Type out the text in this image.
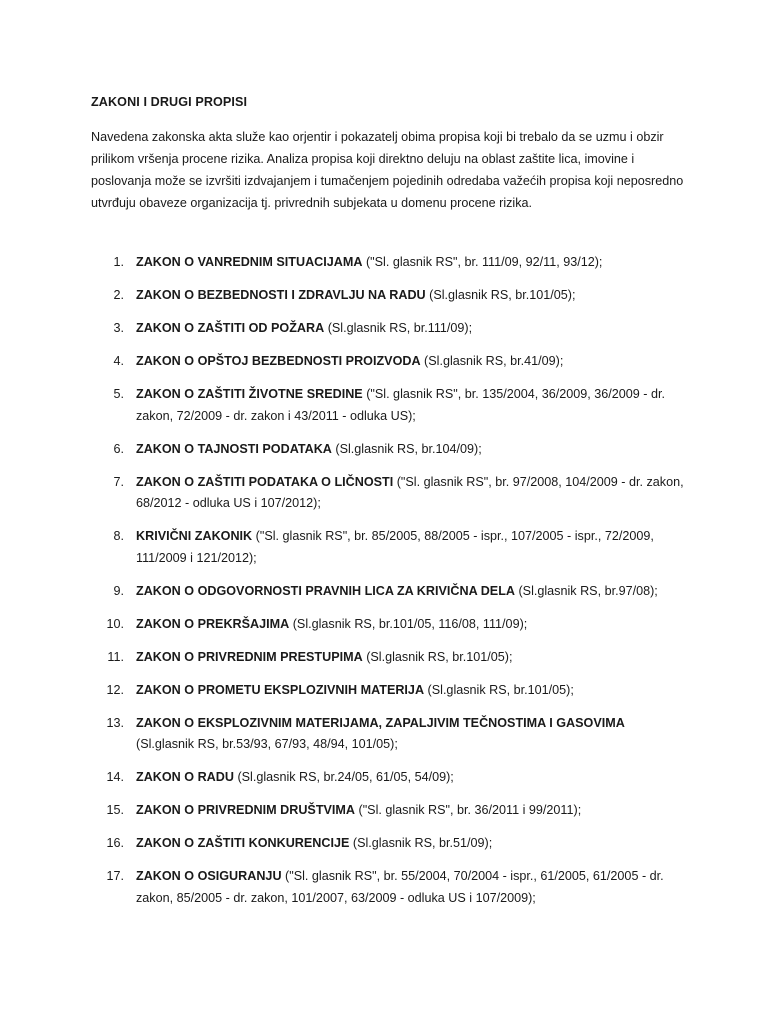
ZAKONI I DRUGI PROPISI
Navedena zakonska akta služe kao orjentir i pokazatelj obima propisa koji bi trebalo da se uzmu i obzir prilikom vršenja procene rizika. Analiza propisa koji direktno deluju na oblast zaštite lica, imovine i poslovanja može se izvršiti izdvajanjem i tumačenjem pojedinih odredaba važećih propisa koji neposredno utvrđuju obaveze organizacija tj. privrednih subjekata u domenu procene rizika.
1. ZAKON O VANREDNIM SITUACIJAMA ("Sl. glasnik RS", br. 111/09, 92/11, 93/12);
2. ZAKON O BEZBEDNOSTI I ZDRAVLJU NA RADU (Sl.glasnik RS, br.101/05);
3. ZAKON O ZAŠTITI OD POŽARA (Sl.glasnik RS, br.111/09);
4. ZAKON O OPŠTOJ BEZBEDNOSTI PROIZVODA (Sl.glasnik RS, br.41/09);
5. ZAKON O ZAŠTITI ŽIVOTNE SREDINE ("Sl. glasnik RS", br. 135/2004, 36/2009, 36/2009 - dr. zakon, 72/2009 - dr. zakon i 43/2011 - odluka US);
6. ZAKON O TAJNOSTI PODATAKA (Sl.glasnik RS, br.104/09);
7. ZAKON O ZAŠTITI PODATAKA O LIČNOSTI ("Sl. glasnik RS", br. 97/2008, 104/2009 - dr. zakon, 68/2012 - odluka US i 107/2012);
8. KRIVIČNI ZAKONIK ("Sl. glasnik RS", br. 85/2005, 88/2005 - ispr., 107/2005 - ispr., 72/2009, 111/2009 i 121/2012);
9. ZAKON O ODGOVORNOSTI PRAVNIH LICA ZA KRIVIČNA DELA (Sl.glasnik RS, br.97/08);
10. ZAKON O PREKRŠAJIMA (Sl.glasnik RS, br.101/05, 116/08, 111/09);
11. ZAKON O PRIVREDNIM PRESTUPIMA (Sl.glasnik RS, br.101/05);
12. ZAKON O PROMETU EKSPLOZIVNIH MATERIJA (Sl.glasnik RS, br.101/05);
13. ZAKON O EKSPLOZIVNIM MATERIJAMA, ZAPALJIVIM TEČNOSTIMA I GASOVIMA (Sl.glasnik RS, br.53/93, 67/93, 48/94, 101/05);
14. ZAKON O RADU (Sl.glasnik RS, br.24/05, 61/05, 54/09);
15. ZAKON O PRIVREDNIM DRUŠTVIMA ("Sl. glasnik RS", br. 36/2011 i 99/2011);
16. ZAKON O ZAŠTITI KONKURENCIJE (Sl.glasnik RS, br.51/09);
17. ZAKON O OSIGURANJU ("Sl. glasnik RS", br. 55/2004, 70/2004 - ispr., 61/2005, 61/2005 - dr. zakon, 85/2005 - dr. zakon, 101/2007, 63/2009 - odluka US i 107/2009);
